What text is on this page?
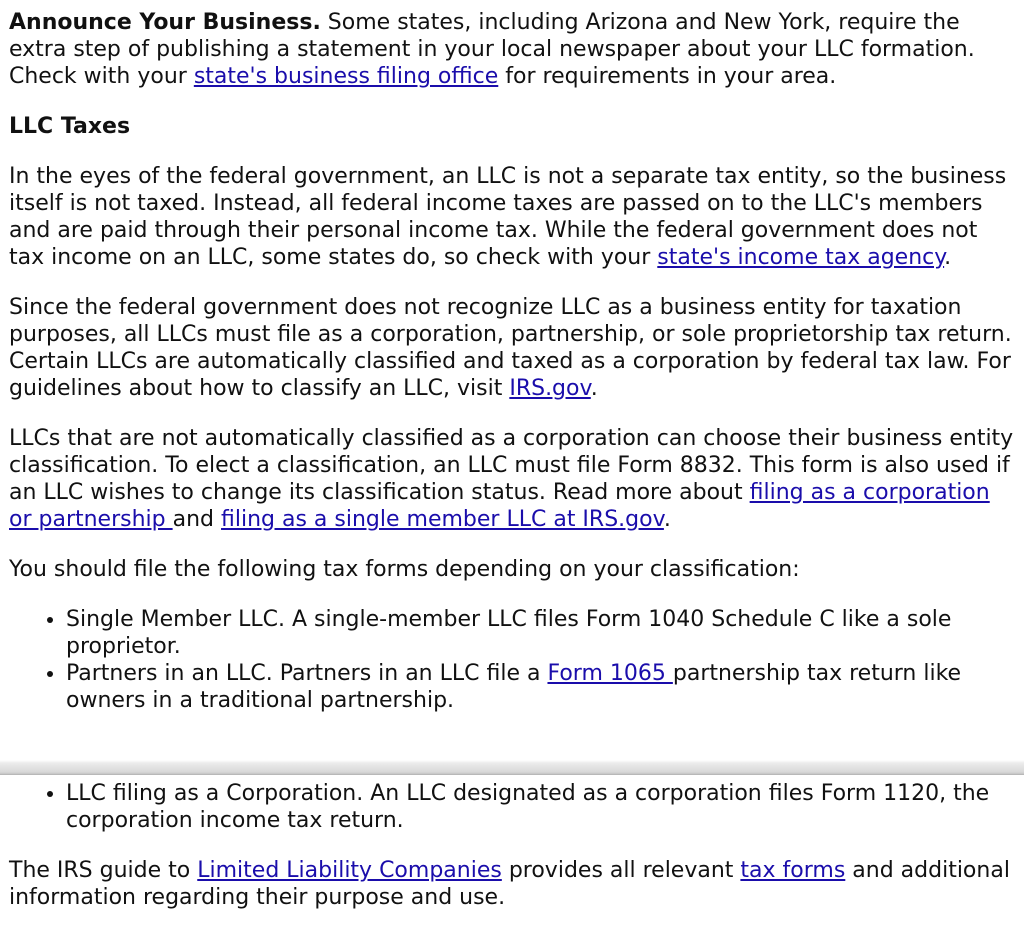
Announce Your Business. Some states, including Arizona and New York, require the extra step of publishing a statement in your local newspaper about your LLC formation. Check with your state's business filing office for requirements in your area.

LLC Taxes

In the eyes of the federal government, an LLC is not a separate tax entity, so the business itself is not taxed. Instead, all federal income taxes are passed on to the LLC's members and are paid through their personal income tax. While the federal government does not tax income on an LLC, some states do, so check with your state's income tax agency.

Since the federal government does not recognize LLC as a business entity for taxation purposes, all LLCs must file as a corporation, partnership, or sole proprietorship tax return. Certain LLCs are automatically classified and taxed as a corporation by federal tax law. For guidelines about how to classify an LLC, visit IRS.gov.

LLCs that are not automatically classified as a corporation can choose their business entity classification. To elect a classification, an LLC must file Form 8832. This form is also used if an LLC wishes to change its classification status. Read more about filing as a corporation or partnership and filing as a single member LLC at IRS.gov.

You should file the following tax forms depending on your classification:

• Single Member LLC. A single-member LLC files Form 1040 Schedule C like a sole proprietor.
• Partners in an LLC. Partners in an LLC file a Form 1065 partnership tax return like owners in a traditional partnership.
• LLC filing as a Corporation. An LLC designated as a corporation files Form 1120, the corporation income tax return.

The IRS guide to Limited Liability Companies provides all relevant tax forms and additional information regarding their purpose and use.
